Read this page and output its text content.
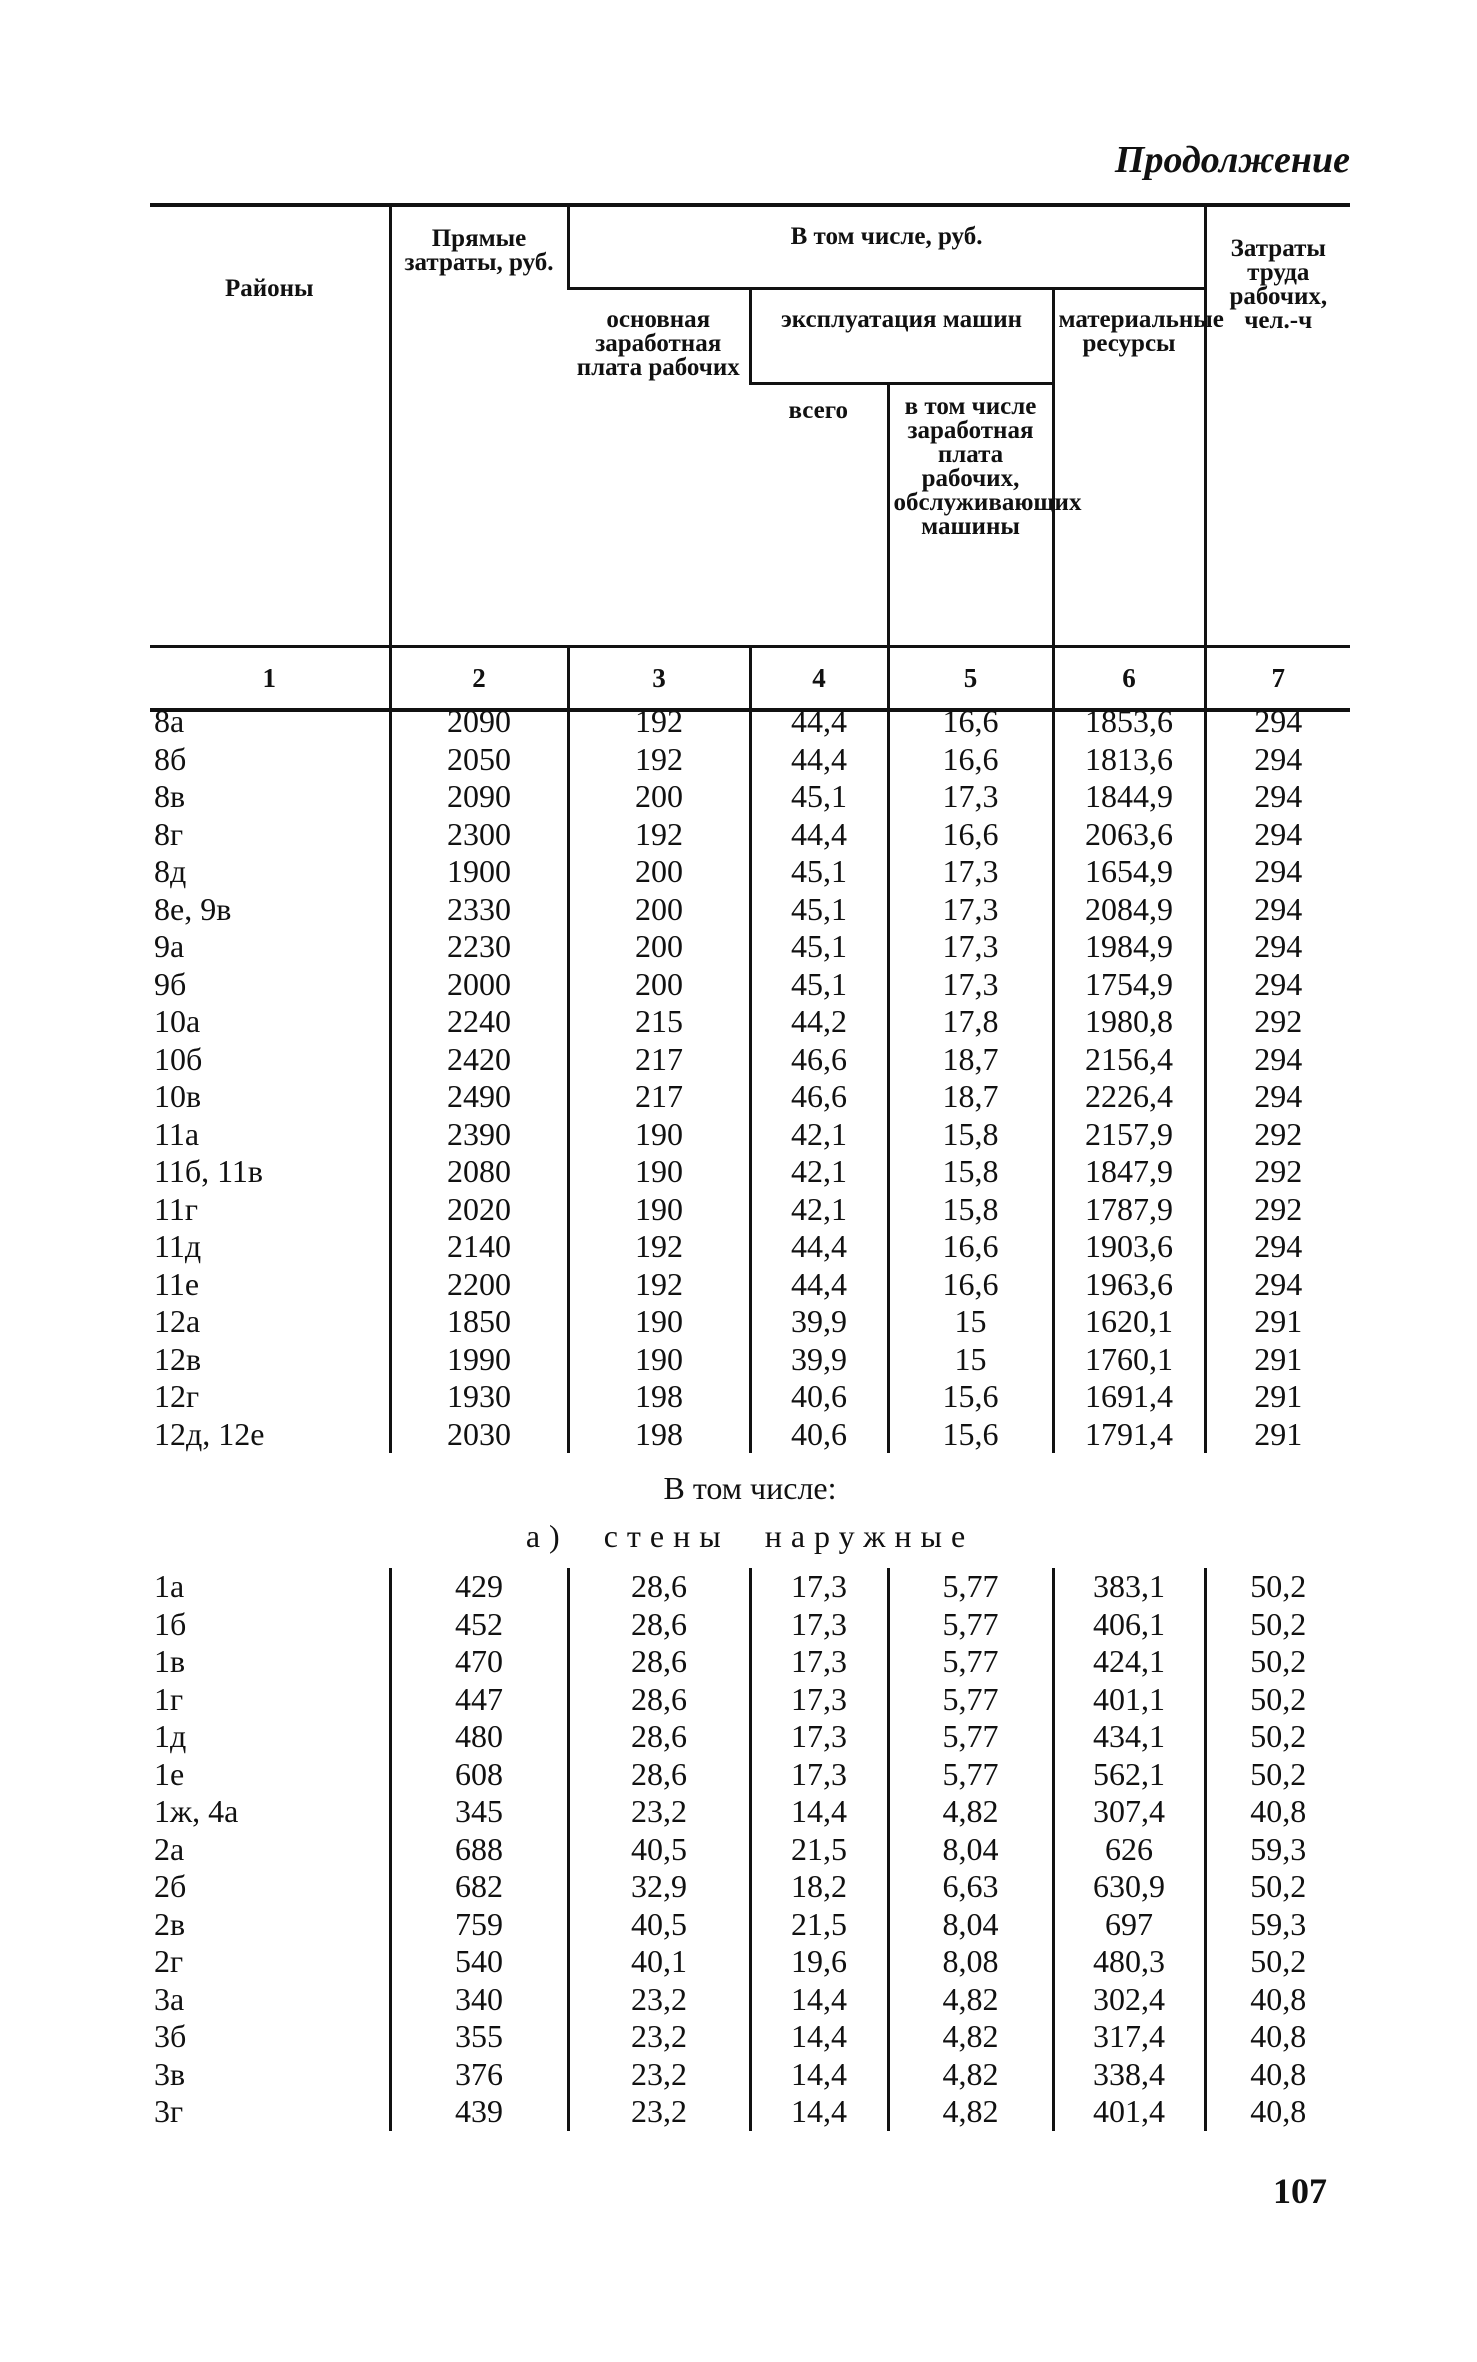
Продолжение
Районы	Прямые затраты, руб.	В том числе, руб.				Затраты труда рабочих, чел.-ч
		основная заработная плата рабочих	эксплуатация машин		материальные ресурсы	
			всего	в том числе заработная плата рабочих, обслуживающих машины		
1	2	3	4	5	6	7
8а	2090	192	44,4	16,6	1853,6	294
8б	2050	192	44,4	16,6	1813,6	294
8в	2090	200	45,1	17,3	1844,9	294
8г	2300	192	44,4	16,6	2063,6	294
8д	1900	200	45,1	17,3	1654,9	294
8е, 9в	2330	200	45,1	17,3	2084,9	294
9а	2230	200	45,1	17,3	1984,9	294
9б	2000	200	45,1	17,3	1754,9	294
10а	2240	215	44,2	17,8	1980,8	292
10б	2420	217	46,6	18,7	2156,4	294
10в	2490	217	46,6	18,7	2226,4	294
11а	2390	190	42,1	15,8	2157,9	292
11б, 11в	2080	190	42,1	15,8	1847,9	292
11г	2020	190	42,1	15,8	1787,9	292
11д	2140	192	44,4	16,6	1903,6	294
11е	2200	192	44,4	16,6	1963,6	294
12а	1850	190	39,9	15	1620,1	291
12в	1990	190	39,9	15	1760,1	291
12г	1930	198	40,6	15,6	1691,4	291
12д, 12е	2030	198	40,6	15,6	1791,4	291
В том числе:
а) стены наружные
1а	429	28,6	17,3	5,77	383,1	50,2
1б	452	28,6	17,3	5,77	406,1	50,2
1в	470	28,6	17,3	5,77	424,1	50,2
1г	447	28,6	17,3	5,77	401,1	50,2
1д	480	28,6	17,3	5,77	434,1	50,2
1е	608	28,6	17,3	5,77	562,1	50,2
1ж, 4а	345	23,2	14,4	4,82	307,4	40,8
2а	688	40,5	21,5	8,04	626	59,3
2б	682	32,9	18,2	6,63	630,9	50,2
2в	759	40,5	21,5	8,04	697	59,3
2г	540	40,1	19,6	8,08	480,3	50,2
3а	340	23,2	14,4	4,82	302,4	40,8
3б	355	23,2	14,4	4,82	317,4	40,8
3в	376	23,2	14,4	4,82	338,4	40,8
3г	439	23,2	14,4	4,82	401,4	40,8
107
